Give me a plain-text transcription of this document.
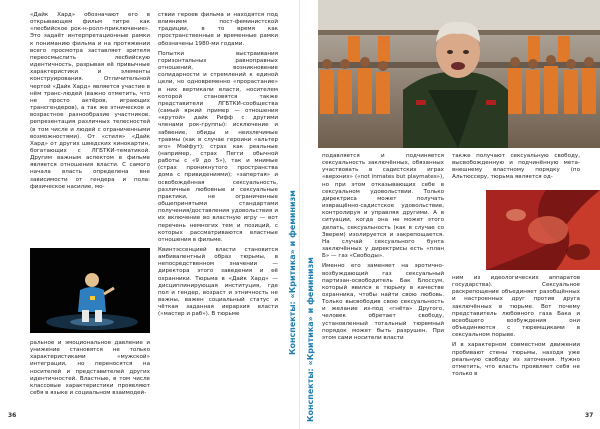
«Дайк Хард» обозначают его в открывающем фильм титре как «лесбийское рок-н-ролл-приключение». Это задаёт интерпретационные рамки к пониманию фильма и на протяжении всего просмотра заставляет зрителя переосмыслить лесбийскую идентичность, разрывая её привычные характеристики и элементы конструирования. Отличительной чертой «Дайк Хард» является участие в нём транс-людей (важно отметить, что не просто актёров, играющих трансгендеров), а так же этническое и возрастное разнообразие участников, репрезентация различных телесностей (в том числе и людей с ограниченными возможностями). От «стиля» «Дайк Хард» от других шведских кинокартин, богатающих с ЛГБТКИ-тематикой. Другим важным аспектом в фильме является отношения власти. С самого начала власть определена вне зависимости от гендера и пола: физическое насилие, мо-

ральное и эмоциональное давление и унижение становятся не только характеристиками «мужской» интеграции, но переносятся на носителей и представителей других идентичностей. Властные, в том числе классовые характеристики проявляют себя в языке и социальном взаимодей-

ствии героев фильма и находятся под влиянием пост-феминистской традиции, в то время как пространственные и временные рамки обозначены 1980-ми годами.

Попытки выстраивания горизонтальных равноправных отношений, возникновение солидарности и стремлений к единой цели, но одновременно «прорастание» в них вертикали власти, носителем которой становятся также представители ЛГБТКИ-сообщества (самый яркий пример — отношения «крутой» дайк Рифф с другими членами рок-группы): исключение и забвение, обиды и неизлечимые травмы (как в случае героини «альтер эго» Мэйфут); страх как реальные (например, страх Пегги обычной работы с «9 до 5»), так и мнимые (страх проникнутого пространства дома с привидениями); «запертая» и освобождённая сексуальность, различные любовные и сексуальные практики, не ограниченные общепринятыми стандартами получения/доставления удовольствия и их включение во властную игру — вот перечень немногих тем и позиций, с которых рассматриваются властные отношения в фильме.

Квинтэссенцией власти становится амбивалентный образ тюрьмы, в непосредственном значении — директора этого заведения и её охранники. Тюрьма в «Дайк Хард» — дисциплинирующая институция, где пол и гендер, возраст и этничность не важны, важен социальный статус и чёткая заданная иерархия власти («мастер и раб»). В тюрьме	Конспекты: «Критика» и феминизм
36	Конспекты: «Критика» и феминизм

подавляется и подчиняется сексуальность заключённых, обязанных участвовать в садистских играх «верхних» («not inmates but playmates»), но при этом отказывающих себе в сексуальном удовольствии. Только директриса может получать извращённо-садистское удовольствие, контролируя и управляя другими. А в ситуации, когда она не может этого делать, сексуальность (как в случае со Зверем) изолируется и закрепощается. На случай сексуального бунта заключённых у директрисы есть «план Б» — газ «Свободы».

Именно его заменяет на эротично-возбуждающий газ сексуальный партизан-освободитель Бак Блоссум, который явился в тюрьму в качестве охранника, чтобы найти свою любовь. Только высвободив свою сексуальность и желание из-под «гнёта» Другого, человек обретает свободу, установленный тотальный тюремный порядок может быть разрушен. При этом сами носители власти

также получают сексуальную свободу, высвобожденную и подчинённую мета-внешнему властному порядку (по Альтюссеру, тюрьма является од-

ним из идеологических аппаратов государства). Сексуальное раскрепощение объединяет разобщённых и настроенных друг против друга заключённых в тюрьме. Вот почему представитель любовного газа Бака и всеобщего возбуждения они объединяются с тюремщиками в сексуальном порыве.

И в характерном совместном движении пробивают стены тюрьмы, находя уже реальную свободу из заточения. Нужно отметить, что власть проявляет себя не только в

37
